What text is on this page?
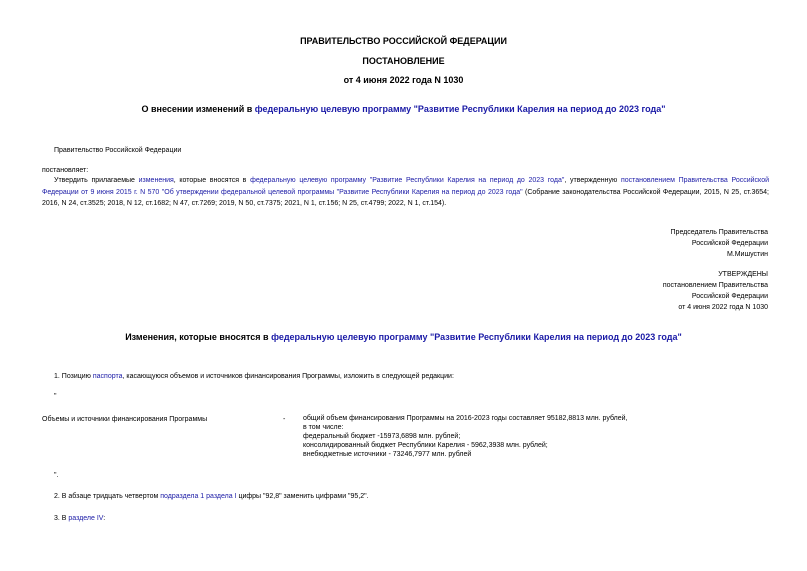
ПРАВИТЕЛЬСТВО РОССИЙСКОЙ ФЕДЕРАЦИИ
ПОСТАНОВЛЕНИЕ
от 4 июня 2022 года N 1030
О внесении изменений в федеральную целевую программу "Развитие Республики Карелия на период до 2023 года"
Правительство Российской Федерации
постановляет:
Утвердить прилагаемые изменения, которые вносятся в федеральную целевую программу "Развитие Республики Карелия на период до 2023 года", утвержденную постановлением Правительства Российской Федерации от 9 июня 2015 г. N 570 "Об утверждении федеральной целевой программы "Развитие Республики Карелия на период до 2023 года" (Собрание законодательства Российской Федерации, 2015, N 25, ст.3654; 2016, N 24, ст.3525; 2018, N 12, ст.1682; N 47, ст.7269; 2019, N 50, ст.7375; 2021, N 1, ст.156; N 25, ст.4799; 2022, N 1, ст.154).
Председатель Правительства
Российской Федерации
М.Мишустин
УТВЕРЖДЕНЫ
постановлением Правительства
Российской Федерации
от 4 июня 2022 года N 1030
Изменения, которые вносятся в федеральную целевую программу "Развитие Республики Карелия на период до 2023 года"
1. Позицию паспорта, касающуюся объемов и источников финансирования Программы, изложить в следующей редакции:
"
Объемы и источники финансирования Программы	-	общий объем финансирования Программы на 2016-2023 годы составляет 95182,8813 млн. рублей,
в том числе:
федеральный бюджет -15973,6898 млн. рублей;
консолидированный бюджет Республики Карелия - 5962,3938 млн. рублей;
внебюджетные источники - 73246,7977 млн. рублей
".
2. В абзаце тридцать четвертом подраздела 1 раздела I цифры "92,8" заменить цифрами "95,2".
3. В разделе IV:
